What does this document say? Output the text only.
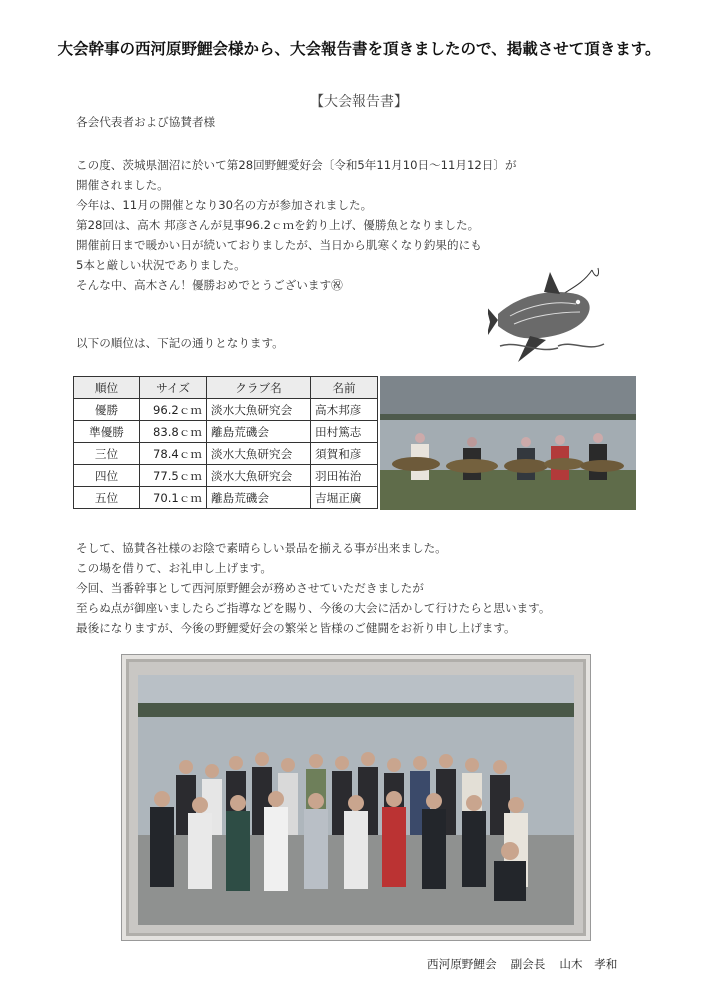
大会幹事の西河原野鯉会様から、大会報告書を頂きましたので、掲載させて頂きます。
【大会報告書】
各会代表者および協賛者様
この度、茨城県涸沼に於いて第28回野鯉愛好会〔令和5年11月10日〜11月12日〕が
開催されました。
今年は、11月の開催となり30名の方が参加されました。
第28回は、高木 邦彦さんが見事96.2ｃｍを釣り上げ、優勝魚となりました。
開催前日まで暖かい日が続いておりましたが、当日から肌寒くなり釣果的にも
5本と厳しい状況でありました。
そんな中、高木さん！優勝おめでとうございます㊗
以下の順位は、下記の通りとなります。
順位	サイズ	クラブ名	名前
優勝	96.2ｃｍ	淡水大魚研究会	高木邦彦
準優勝	83.8ｃｍ	離島荒磯会	田村篤志
三位	78.4ｃｍ	淡水大魚研究会	須賀和彦
四位	77.5ｃｍ	淡水大魚研究会	羽田祐治
五位	70.1ｃｍ	離島荒磯会	吉堀正廣
そして、協賛各社様のお陰で素晴らしい景品を揃える事が出来ました。
この場を借りて、お礼申し上げます。
今回、当番幹事として西河原野鯉会が務めさせていただきましたが
至らぬ点が御座いましたらご指導などを賜り、今後の大会に活かして行けたらと思います。
最後になりますが、今後の野鯉愛好会の繁栄と皆様のご健闘をお祈り申し上げます。
西河原野鯉会 副会長 山木　孝和
